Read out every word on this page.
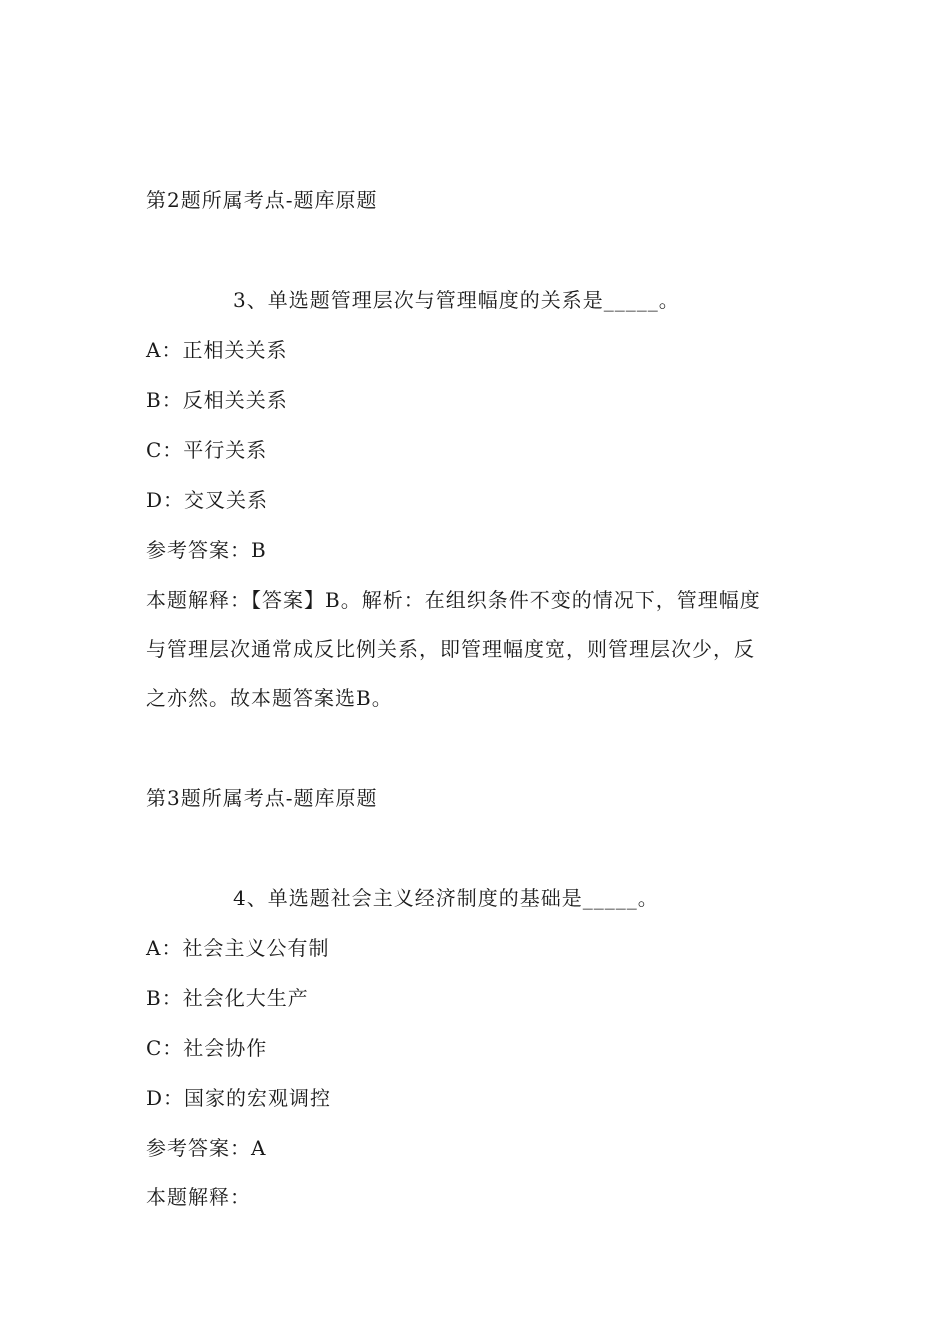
第2题所属考点-题库原题
3、单选题管理层次与管理幅度的关系是_____。
A：正相关关系
B：反相关关系
C：平行关系
D：交叉关系
参考答案：B
本题解释：【答案】B。解析：在组织条件不变的情况下，管理幅度
与管理层次通常成反比例关系，即管理幅度宽，则管理层次少，反
之亦然。故本题答案选B。
第3题所属考点-题库原题
4、单选题社会主义经济制度的基础是_____。
A：社会主义公有制
B：社会化大生产
C：社会协作
D：国家的宏观调控
参考答案：A
本题解释：
